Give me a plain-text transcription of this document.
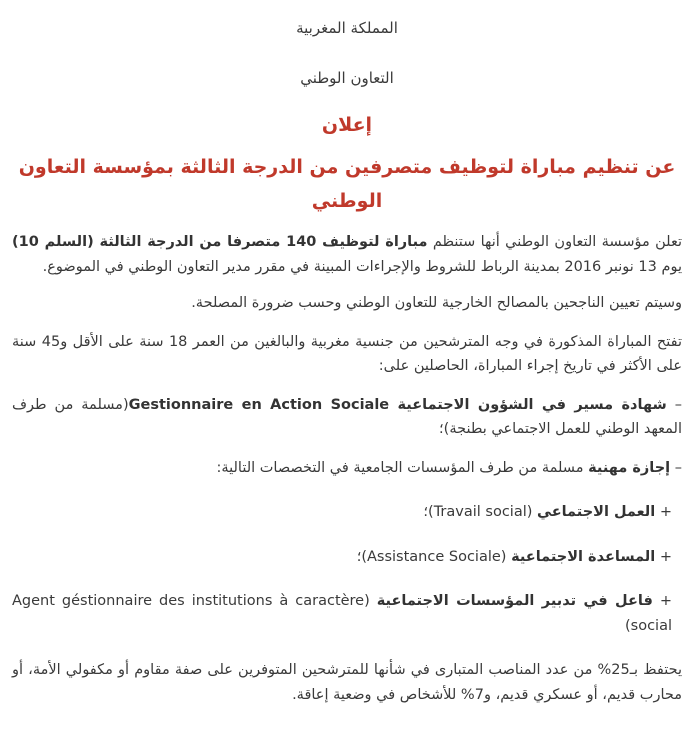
المملكة المغربية

التعاون الوطني

إعلان
عن تنظيم مباراة لتوظيف متصرفين من الدرجة الثالثة بمؤسسة التعاون الوطني

تعلن مؤسسة التعاون الوطني أنها ستنظم مباراة لتوظيف 140 متصرفا من الدرجة الثالثة (السلم 10) يوم 13 نونبر 2016 بمدينة الرباط للشروط والإجراءات المبينة في مقرر مدير التعاون الوطني في الموضوع.

وسيتم تعيين الناجحين بالمصالح الخارجية للتعاون الوطني وحسب ضرورة المصلحة.

تفتح المباراة المذكورة في وجه المترشحين من جنسية مغربية والبالغين من العمر 18 سنة على الأقل و45 سنة على الأكثر في تاريخ إجراء المباراة، الحاصلين على:

– شهادة مسير في الشؤون الاجتماعية Gestionnaire en Action Sociale(مسلمة من طرف المعهد الوطني للعمل الاجتماعي بطنجة)؛

– إجازة مهنية مسلمة من طرف المؤسسات الجامعية في التخصصات التالية:

+ العمل الاجتماعي (Travail social)؛

+ المساعدة الاجتماعية (Assistance Sociale)؛

+ فاعل في تدبير المؤسسات الاجتماعية (Agent géstionnaire des institutions à caractère social)

يحتفظ بـ25% من عدد المناصب المتبارى في شأنها للمترشحين المتوفرين على صفة مقاوم أو مكفولي الأمة، أو محارب قديم، أو عسكري قديم، و7% للأشخاص في وضعية إعاقة.
